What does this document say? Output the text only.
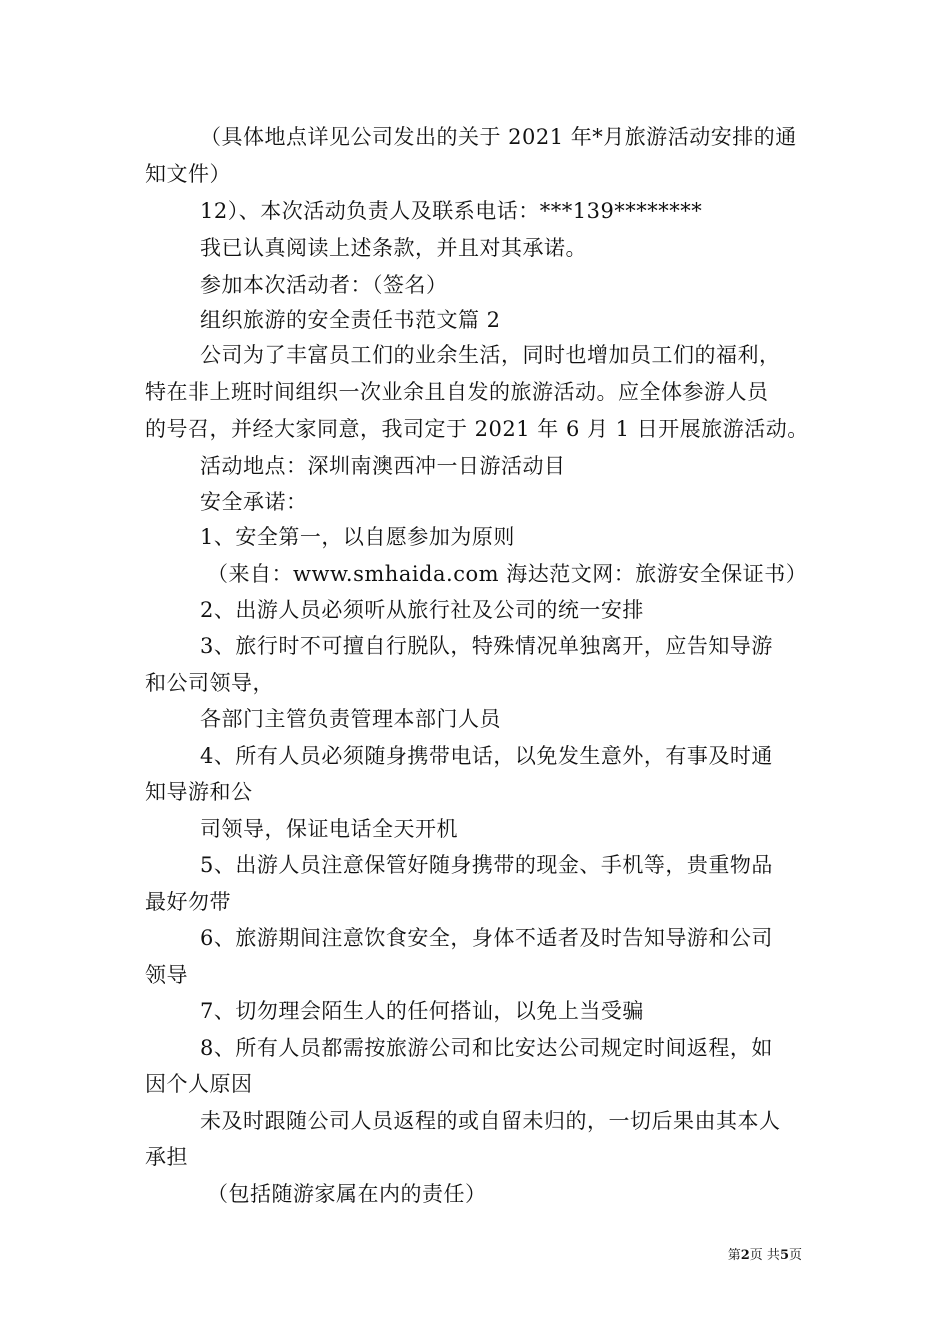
（具体地点详见公司发出的关于 2021 年*月旅游活动安排的通
知文件）
12）、本次活动负责人及联系电话：***139********
我已认真阅读上述条款，并且对其承诺。
参加本次活动者：（签名）
组织旅游的安全责任书范文篇 2
公司为了丰富员工们的业余生活，同时也增加员工们的福利，
特在非上班时间组织一次业余且自发的旅游活动。应全体参游人员
的号召，并经大家同意，我司定于 2021 年 6 月 1 日开展旅游活动。
活动地点：深圳南澳西冲一日游活动目
安全承诺：
1、安全第一，以自愿参加为原则
（来自：www.smhaida.com 海达范文网：旅游安全保证书）
2、出游人员必须听从旅行社及公司的统一安排
3、旅行时不可擅自行脱队，特殊情况单独离开，应告知导游
和公司领导，
各部门主管负责管理本部门人员
4、所有人员必须随身携带电话，以免发生意外，有事及时通
知导游和公
司领导，保证电话全天开机
5、出游人员注意保管好随身携带的现金、手机等，贵重物品
最好勿带
6、旅游期间注意饮食安全，身体不适者及时告知导游和公司
领导
7、切勿理会陌生人的任何搭讪，以免上当受骗
8、所有人员都需按旅游公司和比安达公司规定时间返程，如
因个人原因
未及时跟随公司人员返程的或自留未归的，一切后果由其本人
承担
（包括随游家属在内的责任）
第2页 共5页
